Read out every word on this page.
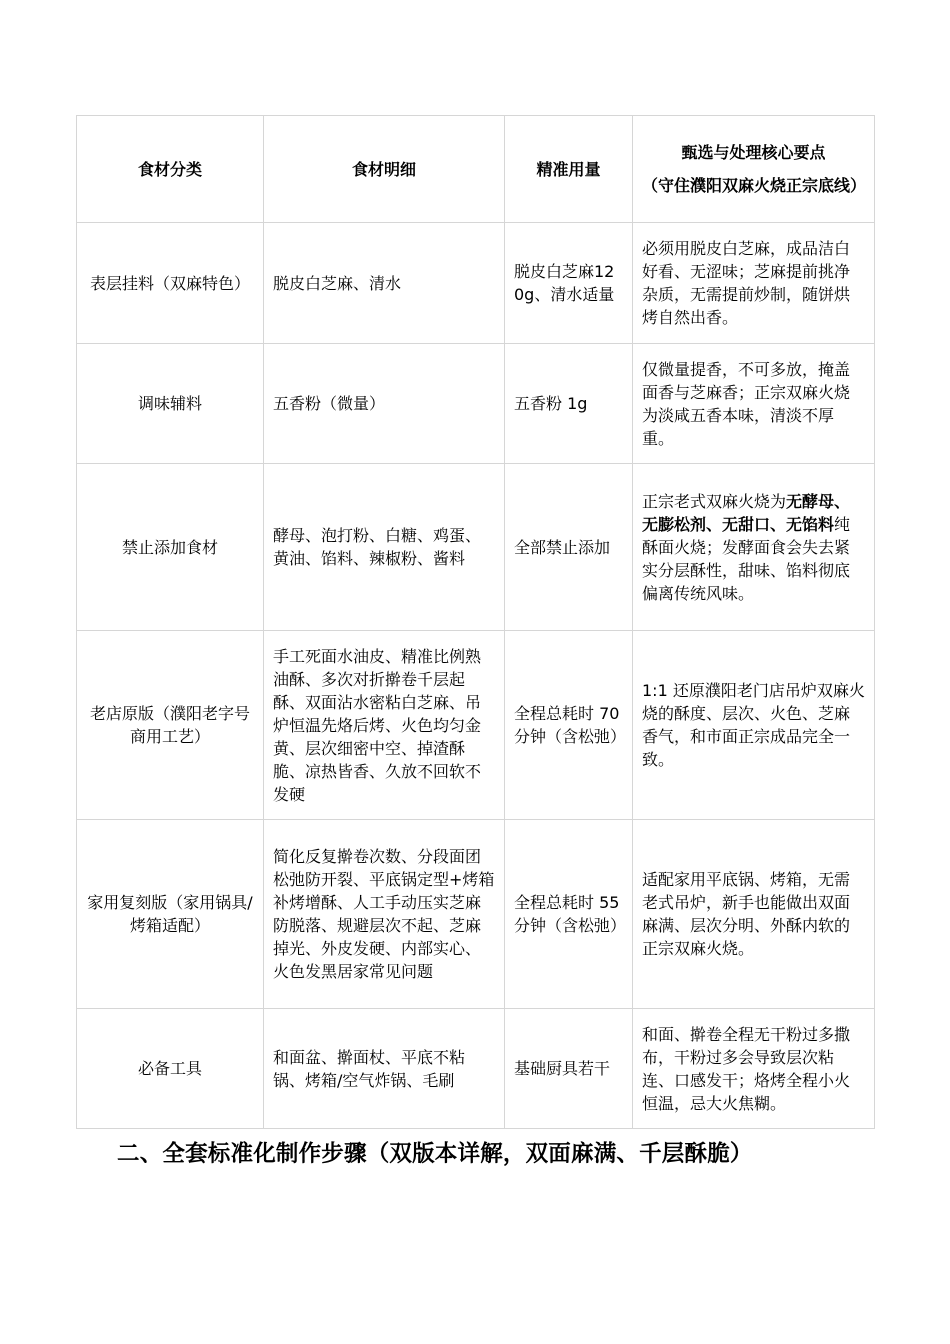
食材分类	食材明细	精准用量	甄选与处理核心要点
（守住濮阳双麻火烧正宗底线）

表层挂料（双麻特色）	脱皮白芝麻、清水	脱皮白芝麻120g、清水适量	必须用脱皮白芝麻，成品洁白好看、无涩味；芝麻提前挑净杂质，无需提前炒制，随饼烘烤自然出香。
调味辅料	五香粉（微量）	五香粉 1g	仅微量提香，不可多放，掩盖面香与芝麻香；正宗双麻火烧为淡咸五香本味，清淡不厚重。
禁止添加食材	酵母、泡打粉、白糖、鸡蛋、黄油、馅料、辣椒粉、酱料	全部禁止添加	正宗老式双麻火烧为无酵母、无膨松剂、无甜口、无馅料纯酥面火烧；发酵面食会失去紧实分层酥性，甜味、馅料彻底偏离传统风味。
老店原版（濮阳老字号商用工艺）	手工死面水油皮、精准比例熟油酥、多次对折擀卷千层起酥、双面沾水密粘白芝麻、吊炉恒温先烙后烤、火色均匀金黄、层次细密中空、掉渣酥脆、凉热皆香、久放不回软不发硬	全程总耗时 70 分钟（含松弛）	1:1 还原濮阳老门店吊炉双麻火烧的酥度、层次、火色、芝麻香气，和市面正宗成品完全一致。
家用复刻版（家用锅具/烤箱适配）	简化反复擀卷次数、分段面团松弛防开裂、平底锅定型+烤箱补烤增酥、人工手动压实芝麻防脱落、规避层次不起、芝麻掉光、外皮发硬、内部实心、火色发黑居家常见问题	全程总耗时 55 分钟（含松弛）	适配家用平底锅、烤箱，无需老式吊炉，新手也能做出双面麻满、层次分明、外酥内软的正宗双麻火烧。
必备工具	和面盆、擀面杖、平底不粘锅、烤箱/空气炸锅、毛刷	基础厨具若干	和面、擀卷全程无干粉过多撒布，干粉过多会导致层次粘连、口感发干；烙烤全程小火恒温，忌大火焦糊。
二、全套标准化制作步骤（双版本详解，双面麻满、千层酥脆）
